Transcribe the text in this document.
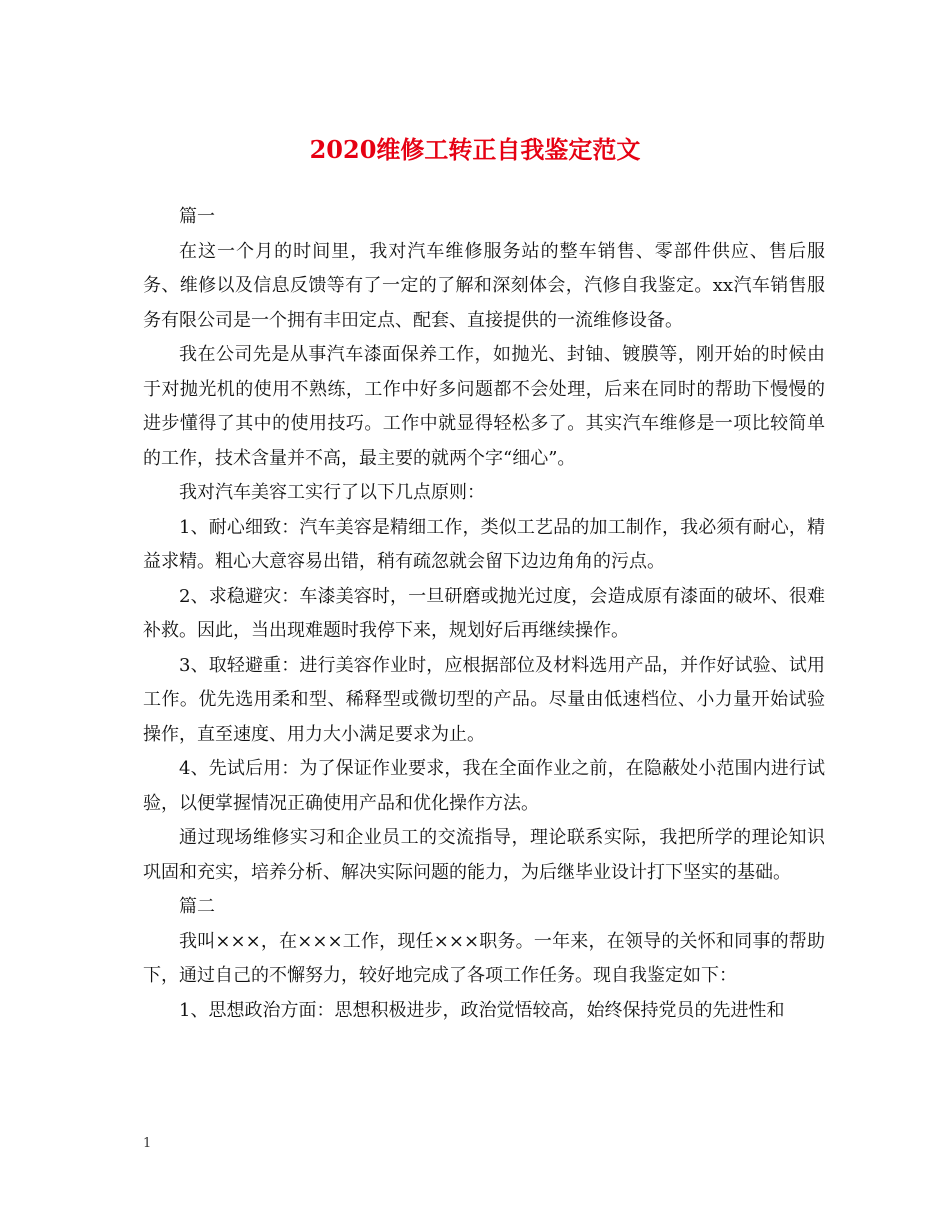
2020维修工转正自我鉴定范文

篇一

在这一个月的时间里，我对汽车维修服务站的整车销售、零部件供应、售后服务、维修以及信息反馈等有了一定的了解和深刻体会，汽修自我鉴定。xx汽车销售服务有限公司是一个拥有丰田定点、配套、直接提供的一流维修设备。

我在公司先是从事汽车漆面保养工作，如抛光、封铀、镀膜等，刚开始的时候由于对抛光机的使用不熟练，工作中好多问题都不会处理，后来在同时的帮助下慢慢的进步懂得了其中的使用技巧。工作中就显得轻松多了。其实汽车维修是一项比较简单的工作，技术含量并不高，最主要的就两个字“细心”。

我对汽车美容工实行了以下几点原则：

1、耐心细致：汽车美容是精细工作，类似工艺品的加工制作，我必须有耐心，精益求精。粗心大意容易出错，稍有疏忽就会留下边边角角的污点。

2、求稳避灾：车漆美容时，一旦研磨或抛光过度，会造成原有漆面的破坏、很难补救。因此，当出现难题时我停下来，规划好后再继续操作。

3、取轻避重：进行美容作业时，应根据部位及材料选用产品，并作好试验、试用工作。优先选用柔和型、稀释型或微切型的产品。尽量由低速档位、小力量开始试验操作，直至速度、用力大小满足要求为止。

4、先试后用：为了保证作业要求，我在全面作业之前，在隐蔽处小范围内进行试验，以便掌握情况正确使用产品和优化操作方法。

通过现场维修实习和企业员工的交流指导，理论联系实际，我把所学的理论知识巩固和充实，培养分析、解决实际问题的能力，为后继毕业设计打下坚实的基础。

篇二

我叫×××，在×××工作，现任×××职务。一年来，在领导的关怀和同事的帮助下，通过自己的不懈努力，较好地完成了各项工作任务。现自我鉴定如下：

1、思想政治方面：思想积极进步，政治觉悟较高，始终保持党员的先进性和

1
